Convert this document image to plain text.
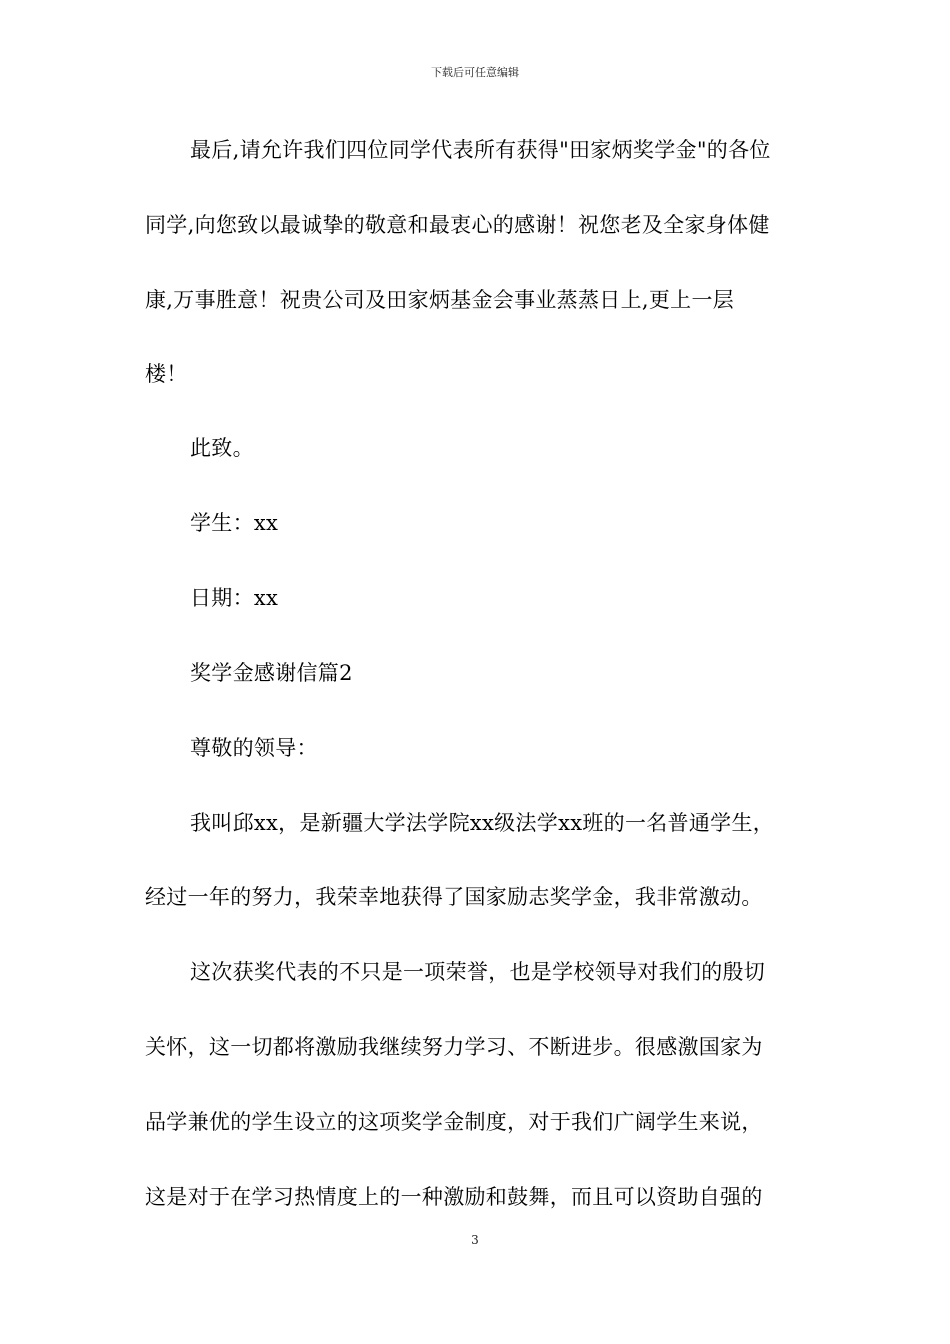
下载后可任意编辑
最后,请允许我们四位同学代表所有获得"田家炳奖学金"的各位
同学,向您致以最诚挚的敬意和最衷心的感谢！祝您老及全家身体健
康,万事胜意！祝贵公司及田家炳基金会事业蒸蒸日上,更上一层
楼！
此致。
学生：xx
日期：xx
奖学金感谢信篇2
尊敬的领导：
我叫邱xx，是新疆大学法学院xx级法学xx班的一名普通学生，
经过一年的努力，我荣幸地获得了国家励志奖学金，我非常激动。
这次获奖代表的不只是一项荣誉，也是学校领导对我们的殷切
关怀，这一切都将激励我继续努力学习、不断进步。很感激国家为
品学兼优的学生设立的这项奖学金制度，对于我们广阔学生来说，
这是对于在学习热情度上的一种激励和鼓舞，而且可以资助自强的
3
